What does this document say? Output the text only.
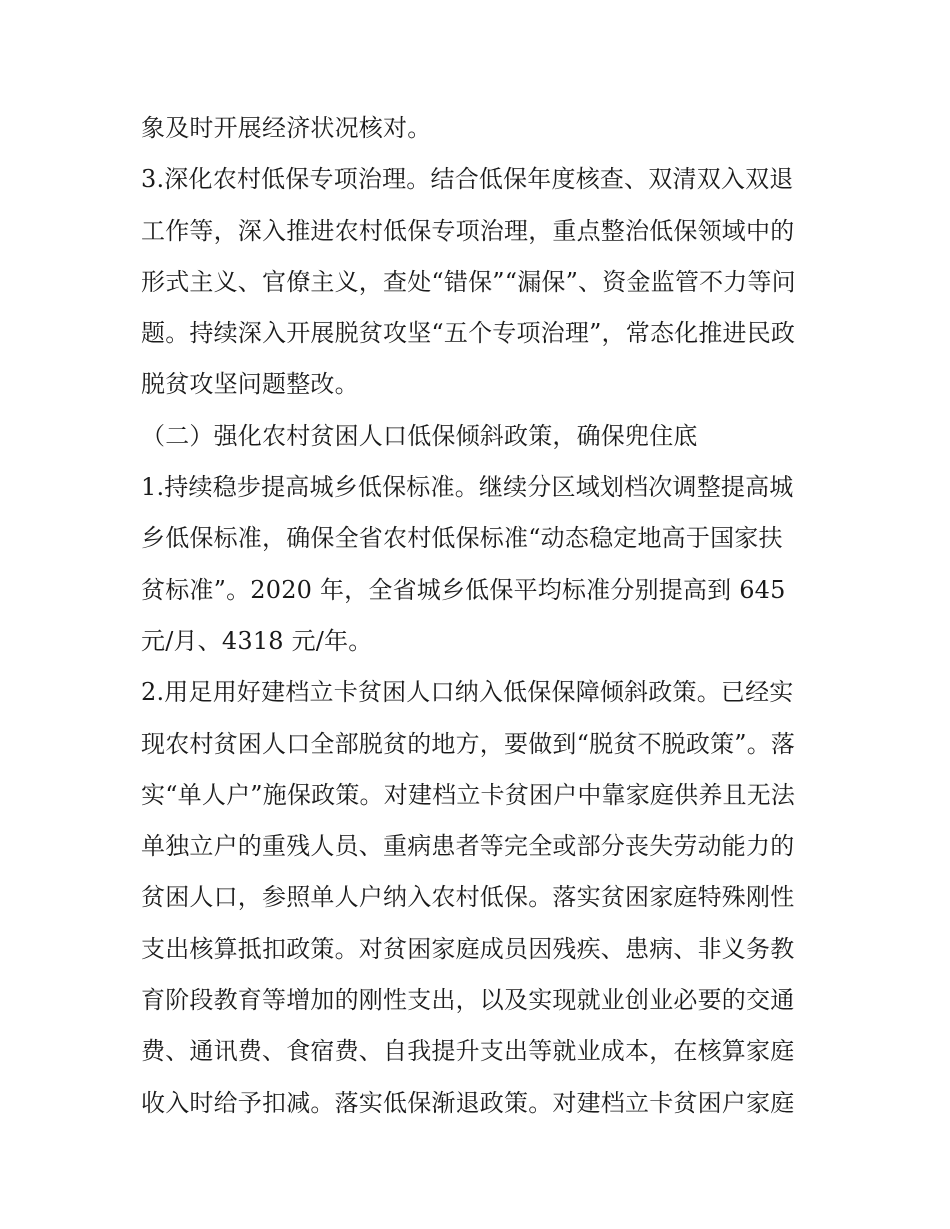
象及时开展经济状况核对。
3.深化农村低保专项治理。结合低保年度核查、双清双入双退
工作等，深入推进农村低保专项治理，重点整治低保领域中的
形式主义、官僚主义，查处“错保”“漏保”、资金监管不力等问
题。持续深入开展脱贫攻坚“五个专项治理”，常态化推进民政
脱贫攻坚问题整改。
（二）强化农村贫困人口低保倾斜政策，确保兜住底
1.持续稳步提高城乡低保标准。继续分区域划档次调整提高城
乡低保标准，确保全省农村低保标准“动态稳定地高于国家扶
贫标准”。2020 年，全省城乡低保平均标准分别提高到 645
元/月、4318 元/年。
2.用足用好建档立卡贫困人口纳入低保保障倾斜政策。已经实
现农村贫困人口全部脱贫的地方，要做到“脱贫不脱政策”。落
实“单人户”施保政策。对建档立卡贫困户中靠家庭供养且无法
单独立户的重残人员、重病患者等完全或部分丧失劳动能力的
贫困人口，参照单人户纳入农村低保。落实贫困家庭特殊刚性
支出核算抵扣政策。对贫困家庭成员因残疾、患病、非义务教
育阶段教育等增加的刚性支出，以及实现就业创业必要的交通
费、通讯费、食宿费、自我提升支出等就业成本，在核算家庭
收入时给予扣减。落实低保渐退政策。对建档立卡贫困户家庭
